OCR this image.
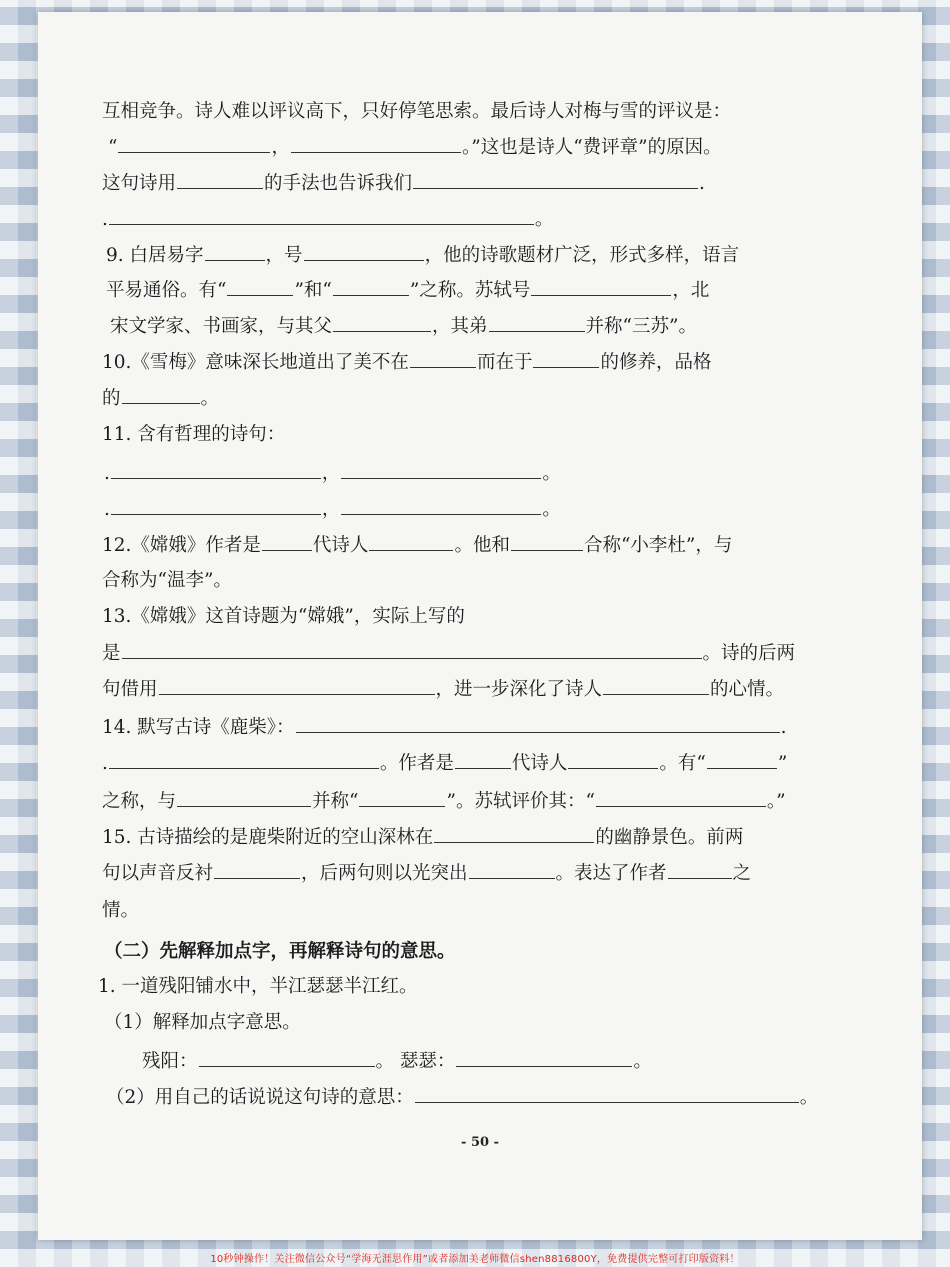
互相竞争。诗人难以评议高下，只好停笔思索。最后诗人对梅与雪的评议是：
“	，	。”这也是诗人“费评章”的原因。
这句诗用	的手法也告诉我们	.
.	。
9. 白居易字	，号	，他的诗歌题材广泛，形式多样，语言
平易通俗。有“	”和“	”之称。苏轼号	，北
宋文学家、书画家，与其父	，其弟	并称“三苏”。
10.《雪梅》意味深长地道出了美不在	而在于	的修养，品格
的	。
11. 含有哲理的诗句：
.	，	。
.	，	。
12.《嫦娥》作者是	代诗人	。他和	合称“小李杜”，与
合称为“温李”。
13.《嫦娥》这首诗题为“嫦娥”，实际上写的
是	。诗的后两
句借用	，进一步深化了诗人	的心情。
14. 默写古诗《鹿柴》：	.
.	。作者是	代诗人	。有“	”
之称，与	并称“	”。苏轼评价其：“	。”
15. 古诗描绘的是鹿柴附近的空山深林在	的幽静景色。前两
句以声音反衬	，后两句则以光突出	。表达了作者	之
情。
（二）先解释加点字，再解释诗句的意思。
1. 一道残阳铺水中，半江瑟瑟半江红。
（1）解释加点字意思。
残阳：	。 瑟瑟：	。
（2）用自己的话说说这句诗的意思：	。
- 50 -
10秒钟操作！关注微信公众号“学海无涯思作用”或者添加美老师微信shen8816800Y，免费提供完整可打印版资料！
